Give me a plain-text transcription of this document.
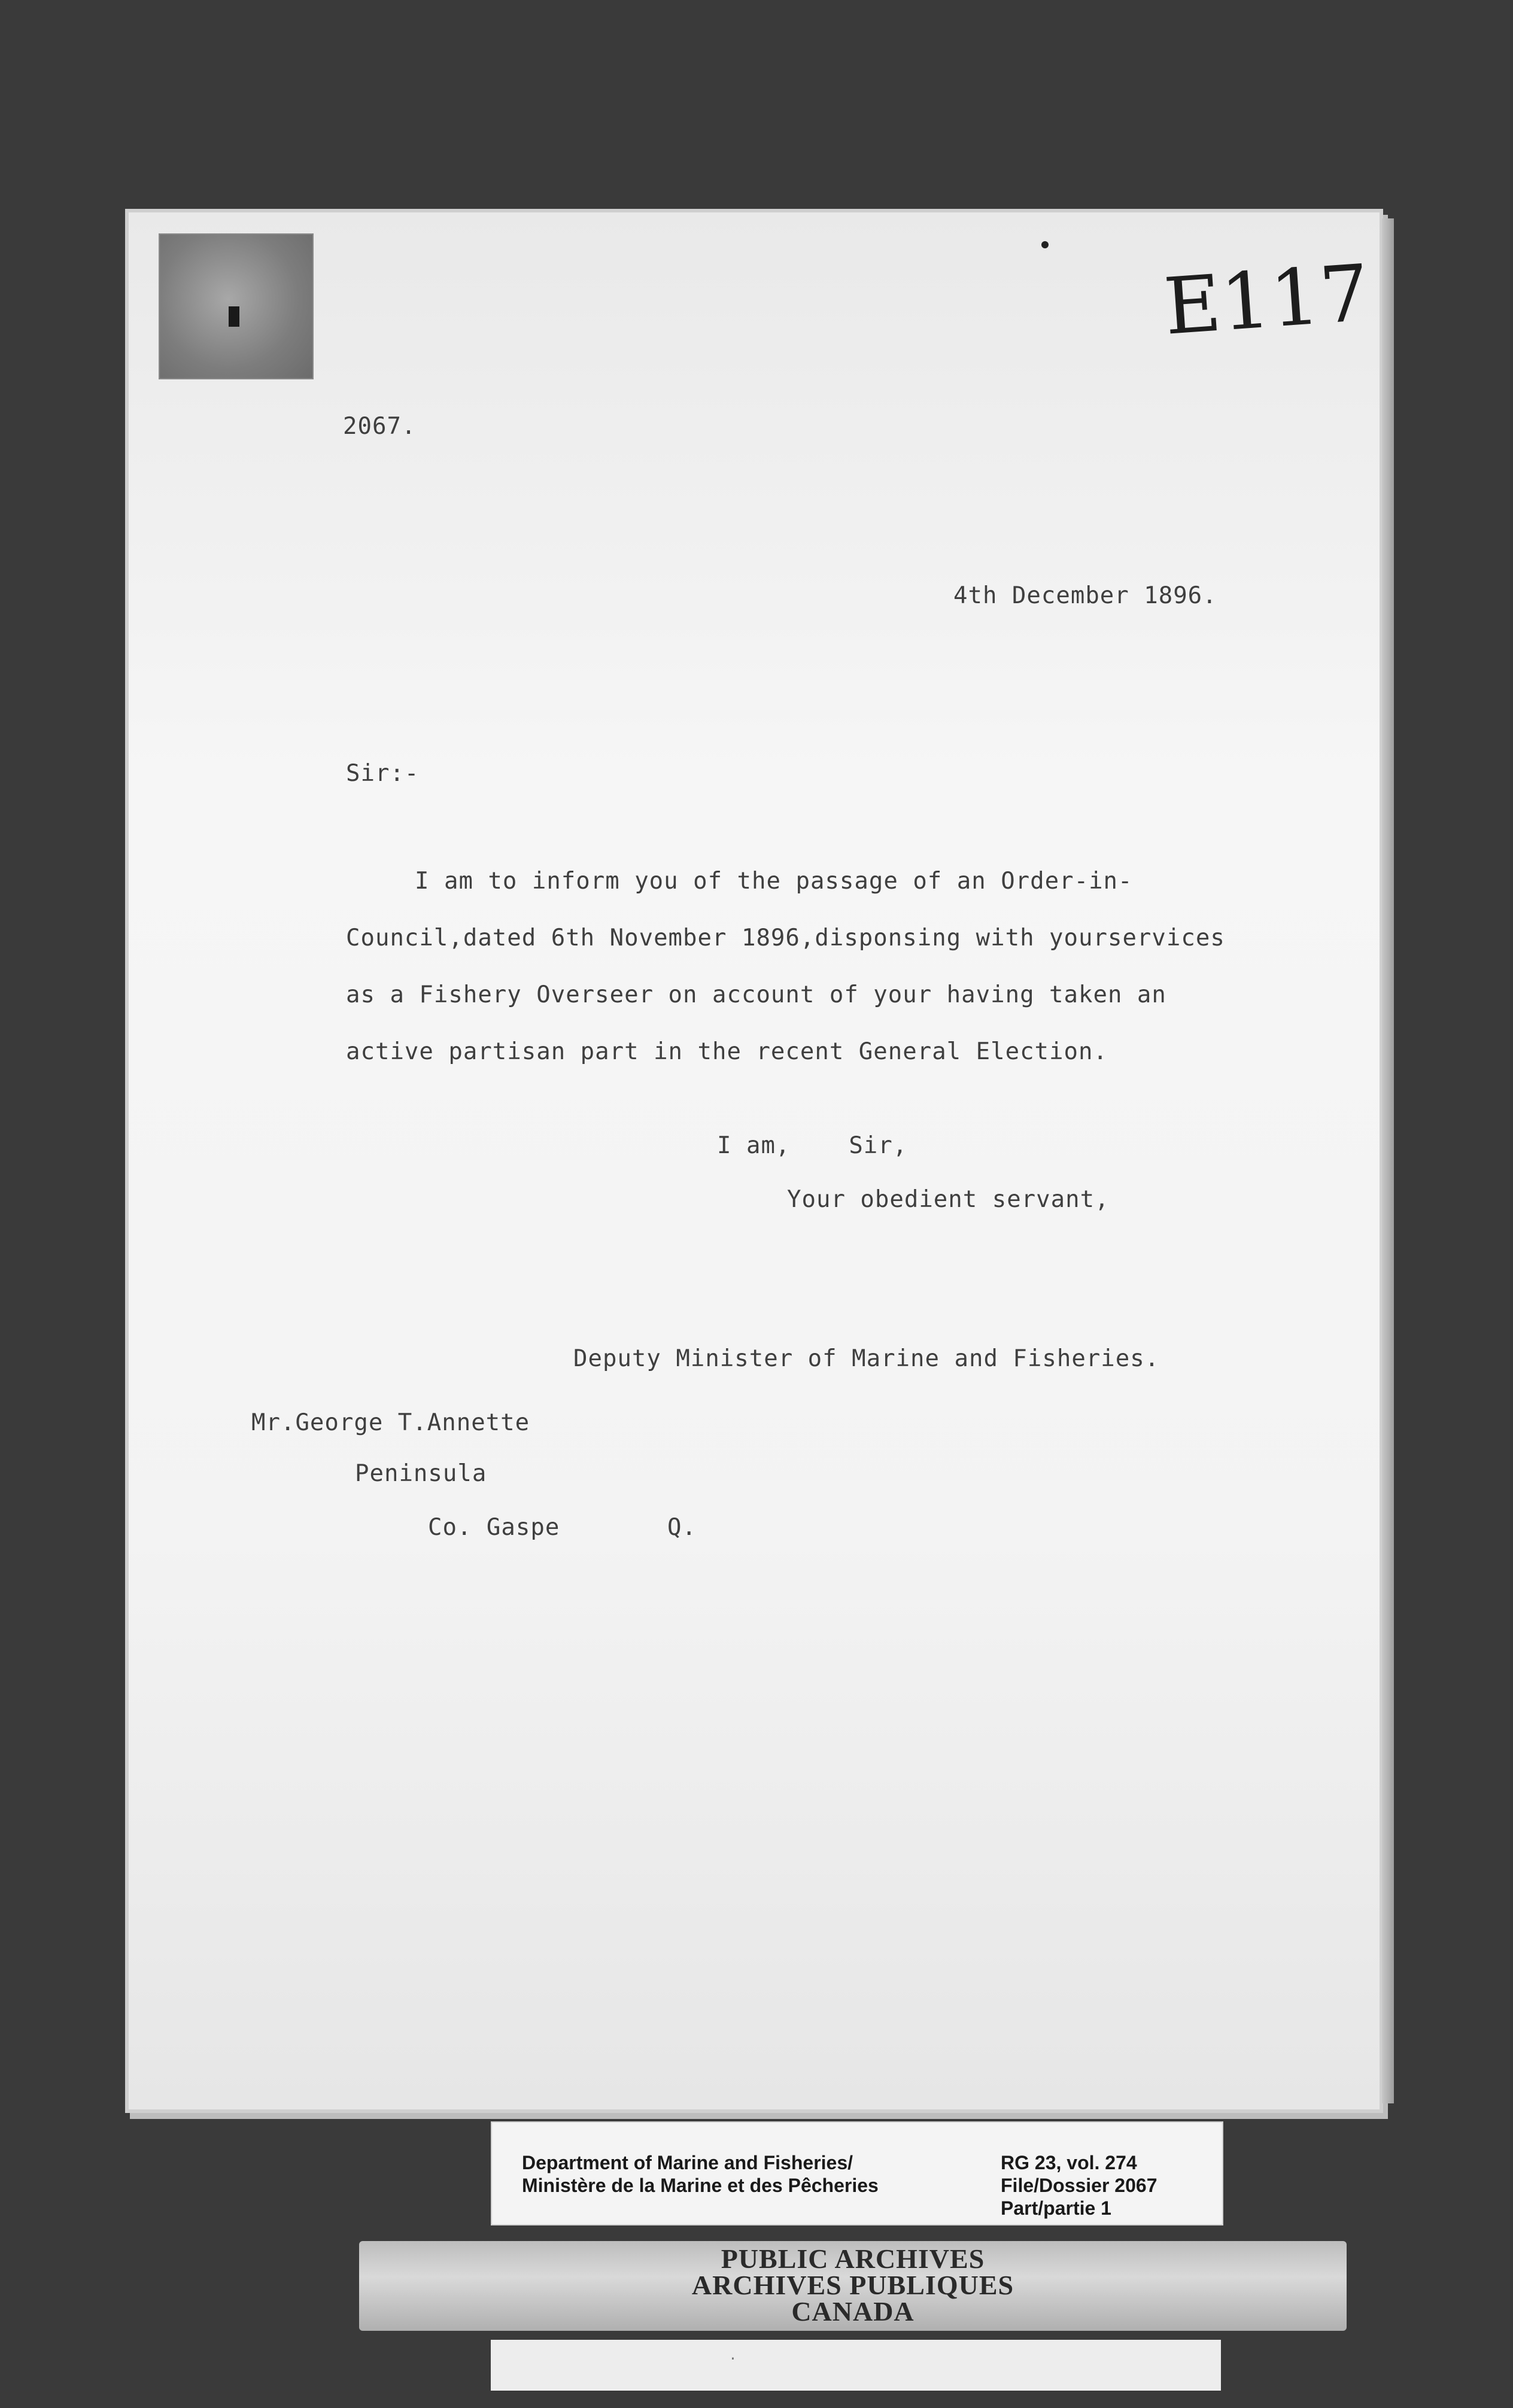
E117
2067.
4th December 1896.
Sir:-
I am to inform you of the passage of an Order-in-
Council,dated 6th November 1896,disponsing with yourservices
as a Fishery Overseer on account of your having taken an
active partisan part in the recent General Election.
I am,    Sir,
Your obedient servant,
Deputy Minister of Marine and Fisheries.
Mr.George T.Annette
Peninsula
Co. Gaspe	Q.
Department of Marine and Fisheries/
Ministère de la Marine et des Pêcheries
RG 23, vol. 274
File/Dossier 2067
Part/partie 1
PUBLIC ARCHIVES
ARCHIVES PUBLIQUES
CANADA
·
